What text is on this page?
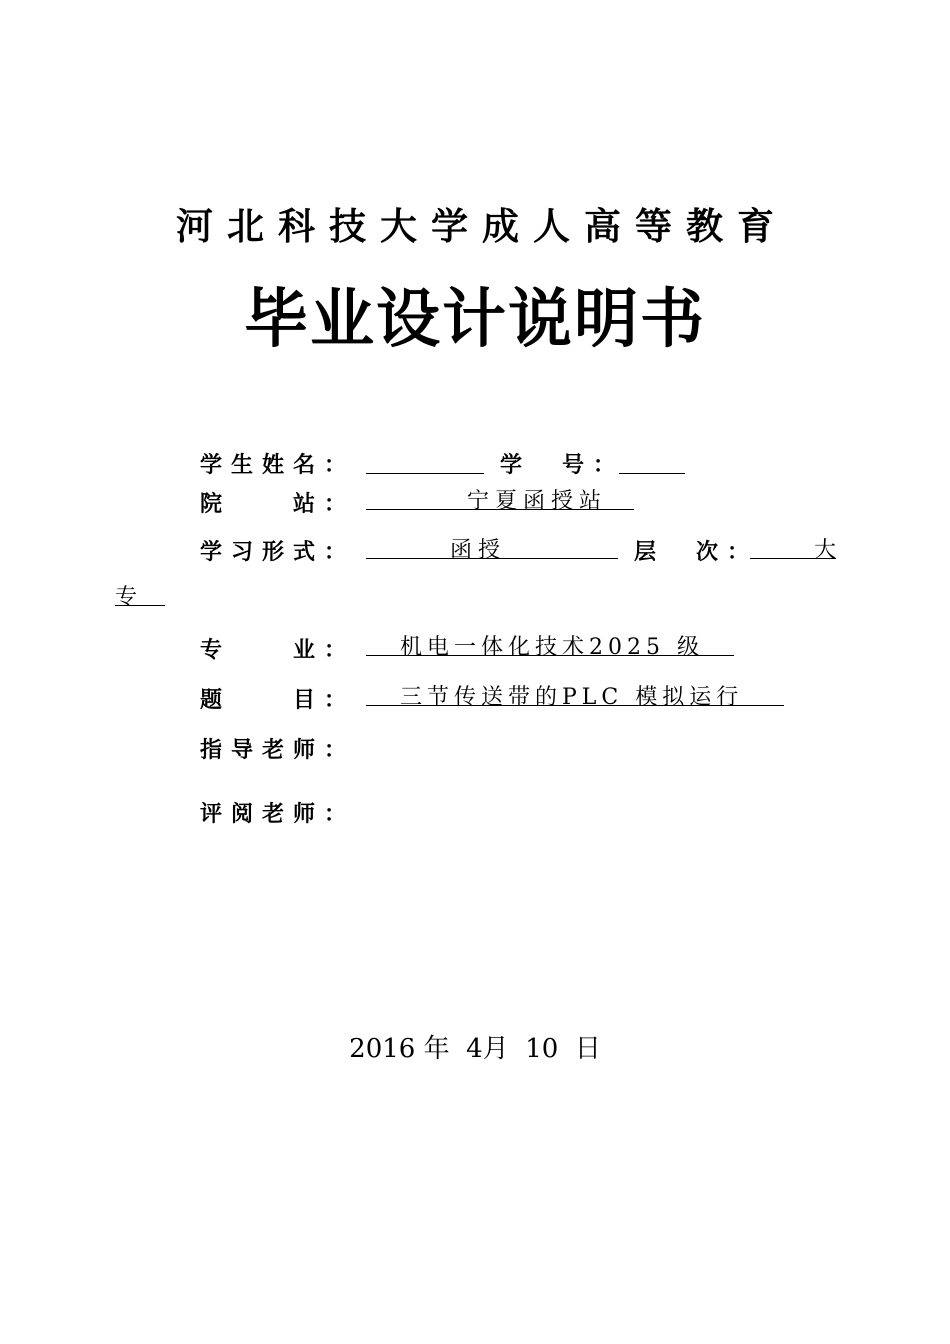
河北科技大学成人高等教育
毕业设计说明书
学生姓名：	学　号：
院　　站：	宁夏函授站
学习形式：	函授	层　次：	大
专
专　　业：	机电一体化技术2025 级
题　　目：	三节传送带的PLC 模拟运行
指导老师：
评阅老师：
2016 年  4月  10  日
